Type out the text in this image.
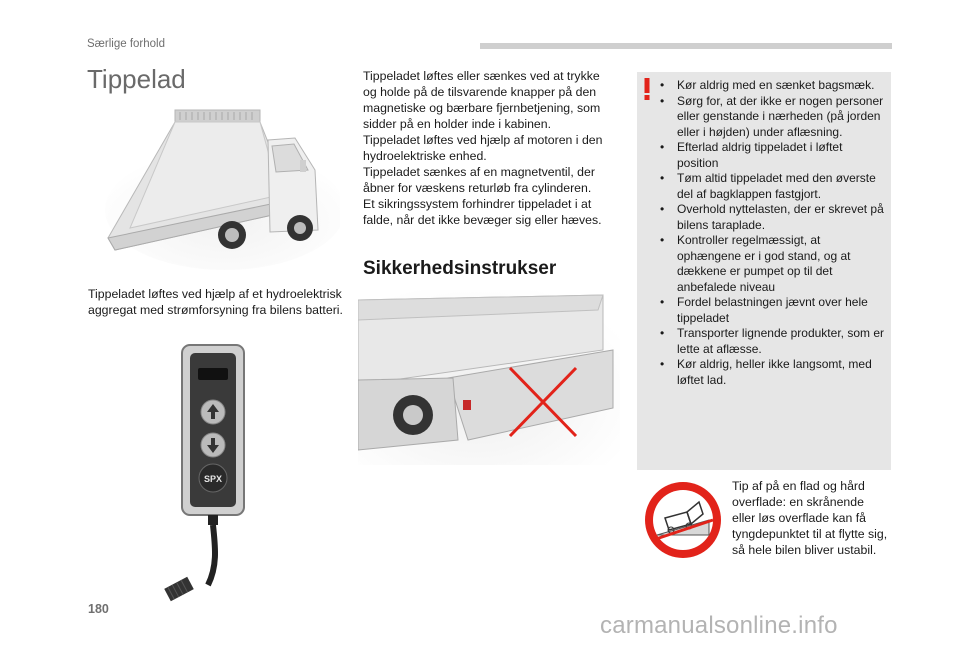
Særlige forhold
Tippelad

Tippeladet løftes ved hjælp af et hydroelektrisk aggregat med strømforsyning fra bilens batteri.

SPX

Tippeladet løftes eller sænkes ved at trykke og holde på de tilsvarende knapper på den magnetiske og bærbare fjernbetjening, som sidder på en holder inde i kabinen.
Tippeladet løftes ved hjælp af motoren i den hydroelektriske enhed.
Tippeladet sænkes af en magnetventil, der åbner for væskens returløb fra cylinderen.
Et sikringssystem forhindrer tippeladet i at falde, når det ikke bevæger sig eller hæves.

Sikkerhedsinstrukser
• Kør aldrig med en sænket bagsmæk.
• Sørg for, at der ikke er nogen personer eller genstande i nærheden (på jorden eller i højden) under aflæsning.
• Efterlad aldrig tippeladet i løftet position
• Tøm altid tippeladet med den øverste del af bagklappen fastgjort.
• Overhold nyttelasten, der er skrevet på bilens taraplade.
• Kontroller regelmæssigt, at ophængene er i god stand, og at dækkene er pumpet op til det anbefalede niveau
• Fordel belastningen jævnt over hele tippeladet
• Transporter lignende produkter, som er lette at aflæsse.
• Kør aldrig, heller ikke langsomt, med løftet lad.
Tip af på en flad og hård
overflade: en skrånende
eller løs overflade kan få
tyngdepunktet til at flytte sig,
så hele bilen bliver ustabil.
180
carmanualsonline.info
